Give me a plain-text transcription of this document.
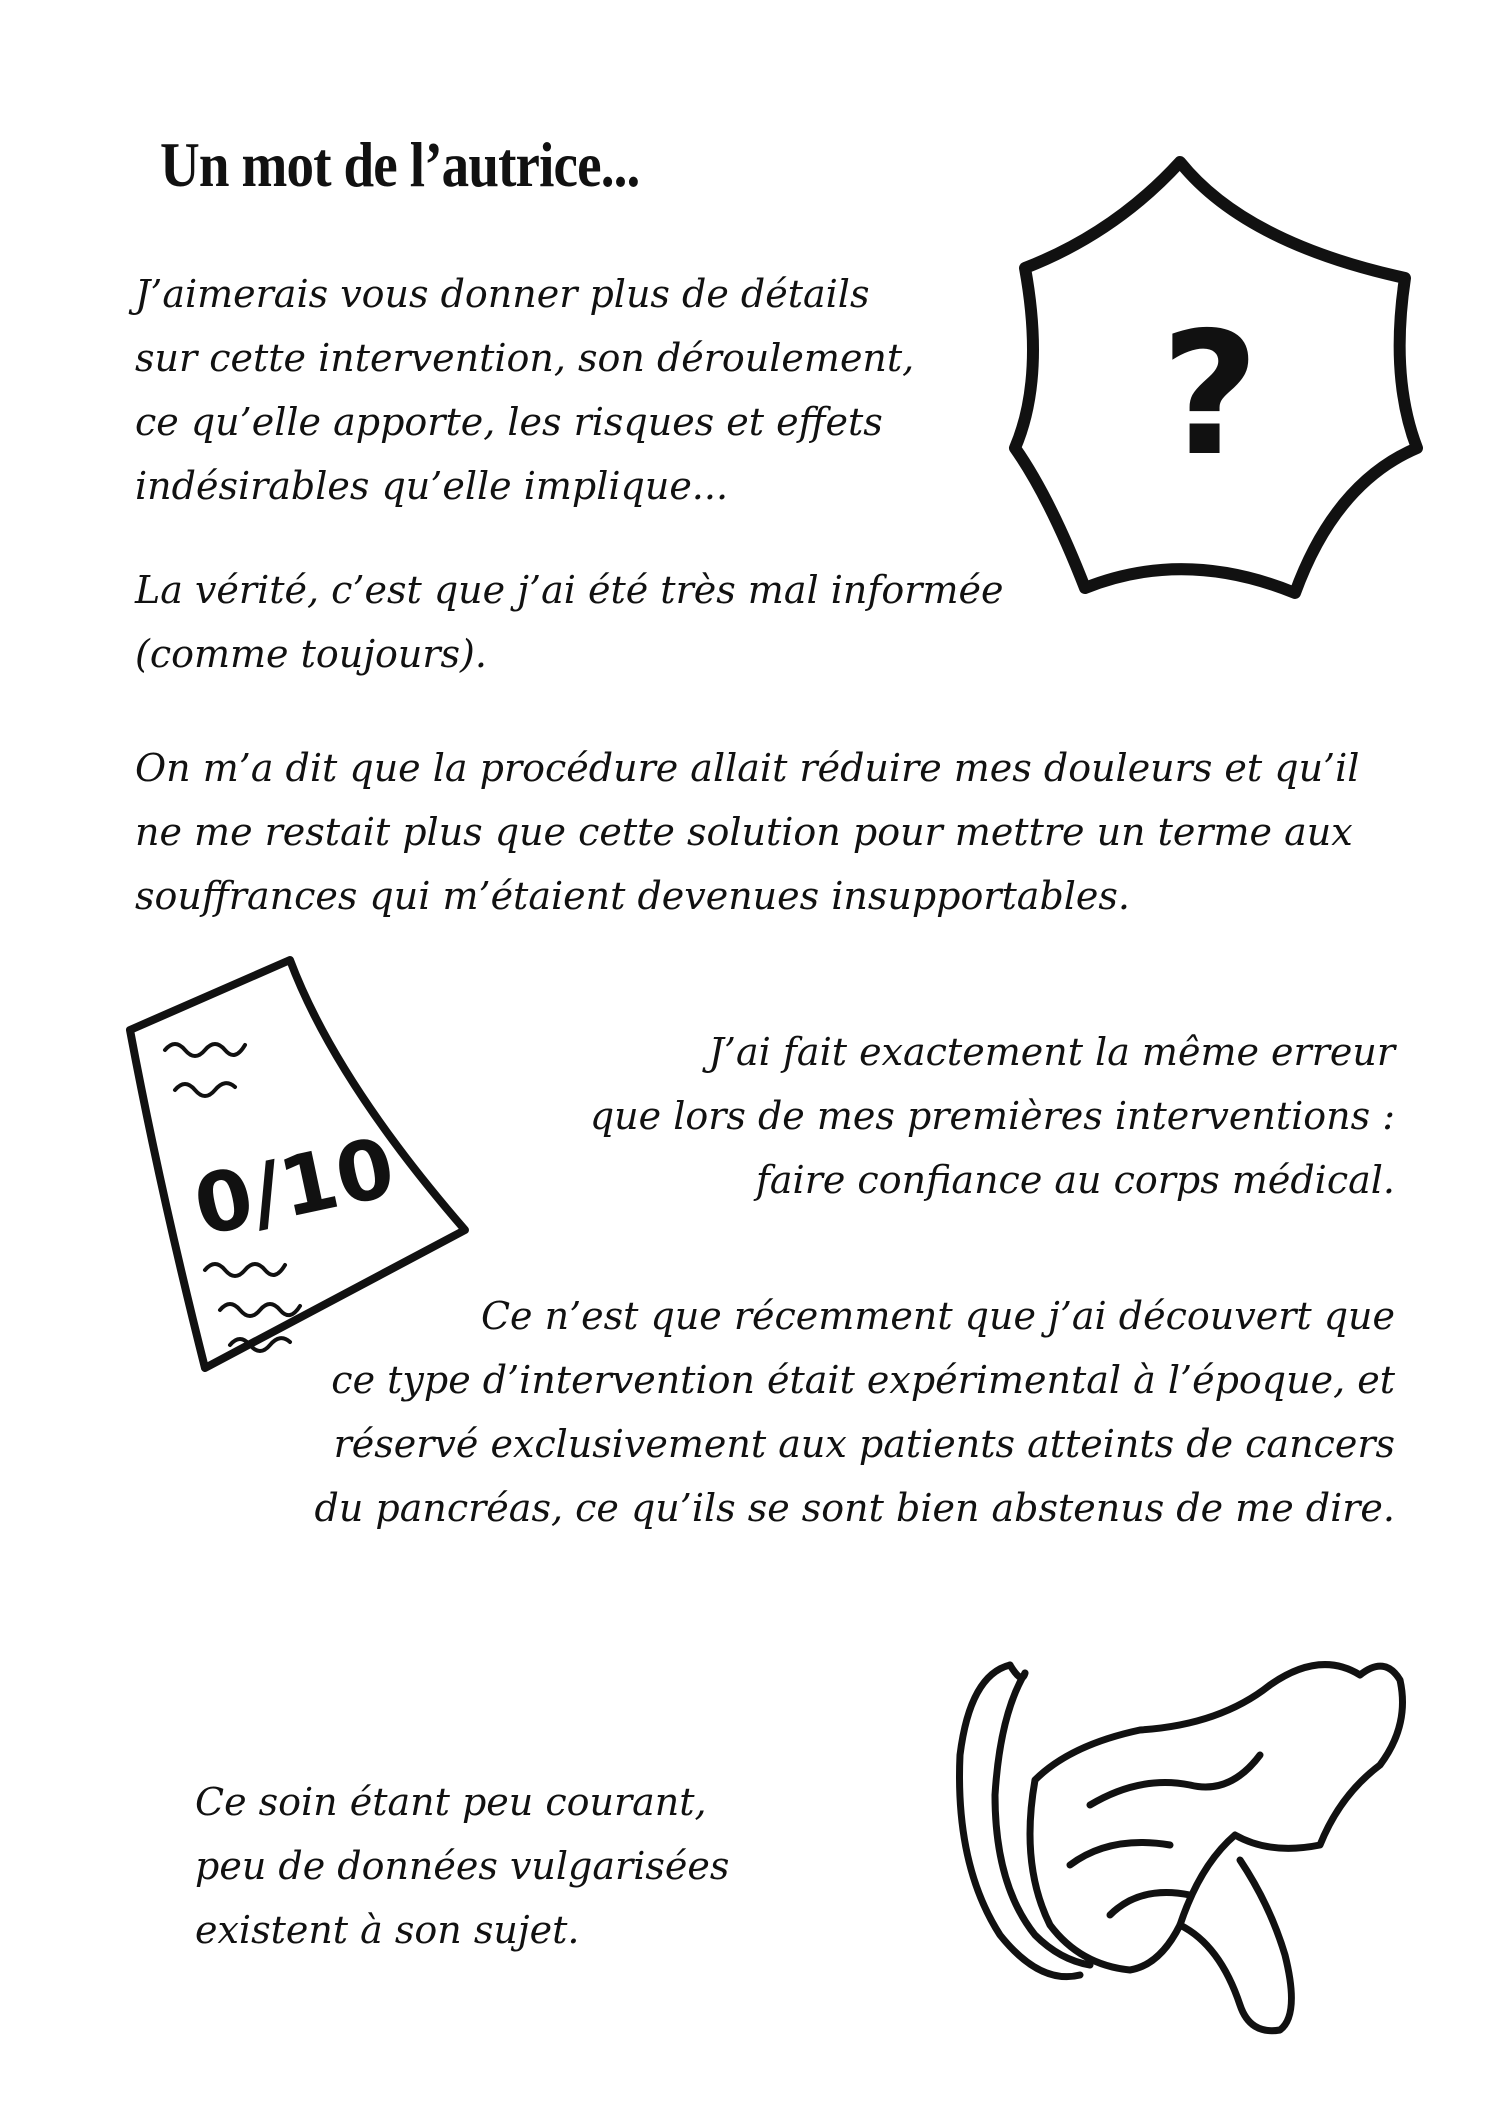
Un mot de l’autrice...
J’aimerais vous donner plus de détails
sur cette intervention, son déroulement,
ce qu’elle apporte, les risques et effets
indésirables qu’elle implique...
La vérité, c’est que j’ai été très mal informée
(comme toujours).
On m’a dit que la procédure allait réduire mes douleurs et qu’il
ne me restait plus que cette solution pour mettre un terme aux
souffrances qui m’étaient devenues insupportables.
J’ai fait exactement la même erreur
que lors de mes premières interventions :
faire confiance au corps médical.
Ce n’est que récemment que j’ai découvert que
ce type d’intervention était expérimental à l’époque, et
réservé exclusivement aux patients atteints de cancers
du pancréas, ce qu’ils se sont bien abstenus de me dire.
Ce soin étant peu courant,
peu de données vulgarisées
existent à son sujet.
?
0/10
